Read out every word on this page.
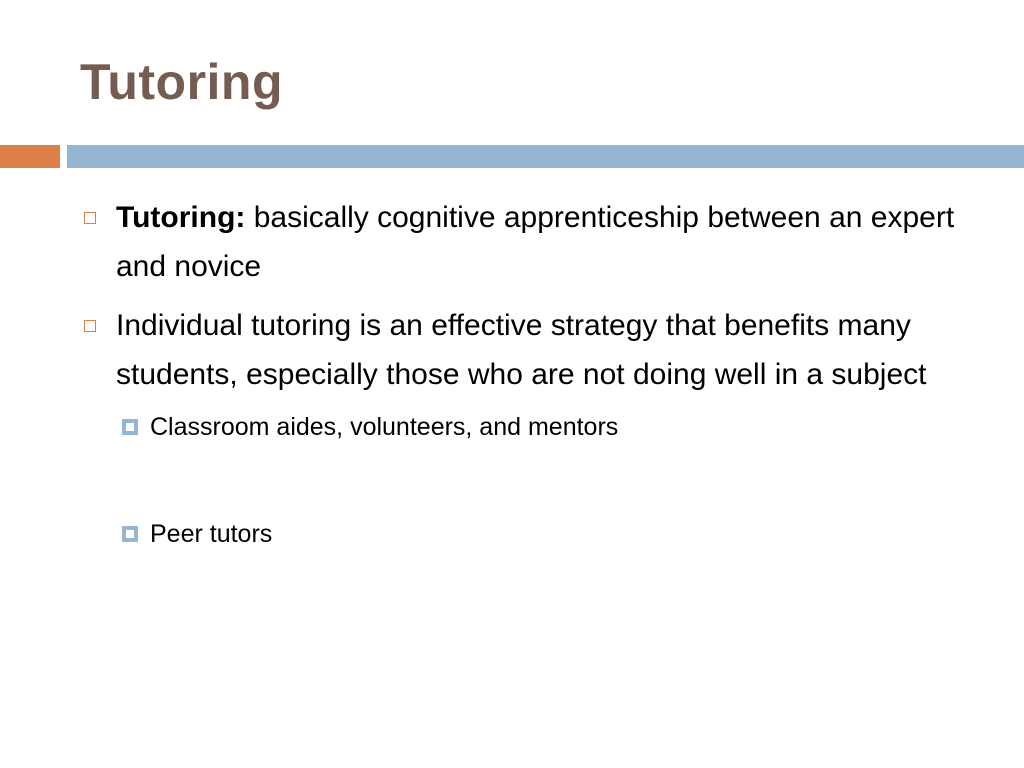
Tutoring
Tutoring: basically cognitive apprenticeship between an expert and novice
Individual tutoring is an effective strategy that benefits many students, especially those who are not doing well in a subject
Classroom aides, volunteers, and mentors
Peer tutors
